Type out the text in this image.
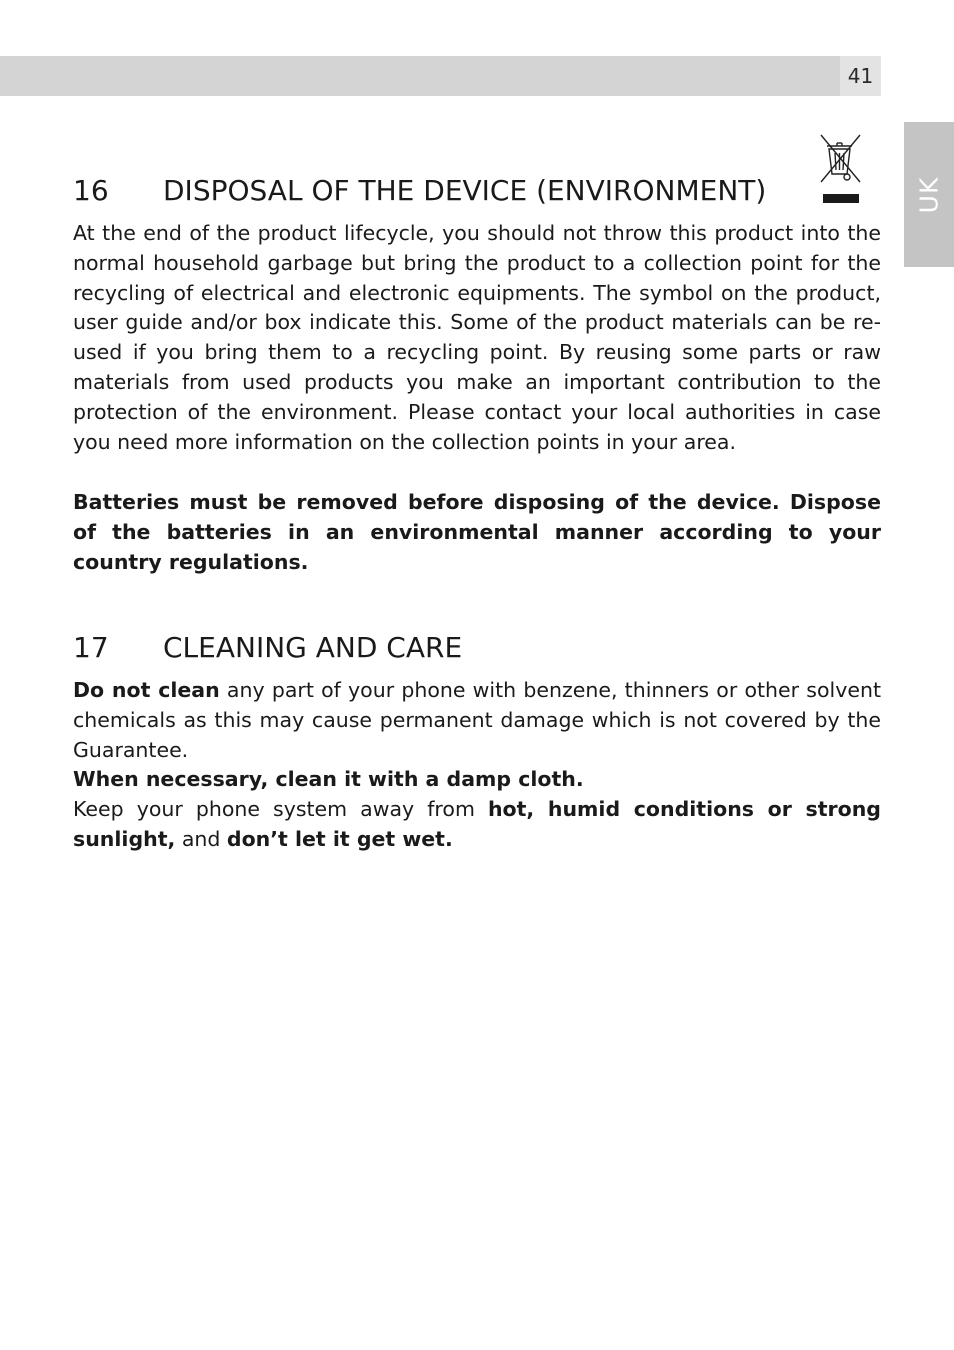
41
UK
16 DISPOSAL OF THE DEVICE (ENVIRONMENT)

At the end of the product lifecycle, you should not throw this product into the normal household garbage but bring the product to a collection point for the recycling of electrical and electronic equipments. The symbol on the product, user guide and/or box indicate this. Some of the product materials can be re-used if you bring them to a recycling point. By reusing some parts or raw materials from used products you make an important contribution to the protection of the environment. Please contact your local authorities in case you need more information on the collection points in your area.

Batteries must be removed before disposing of the device. Dispose of the batteries in an environmental manner according to your country regulations.

17 CLEANING AND CARE

Do not clean any part of your phone with benzene, thinners or other solvent chemicals as this may cause permanent damage which is not covered by the Guarantee.

When necessary, clean it with a damp cloth.

Keep your phone system away from hot, humid conditions or strong sunlight, and don’t let it get wet.
